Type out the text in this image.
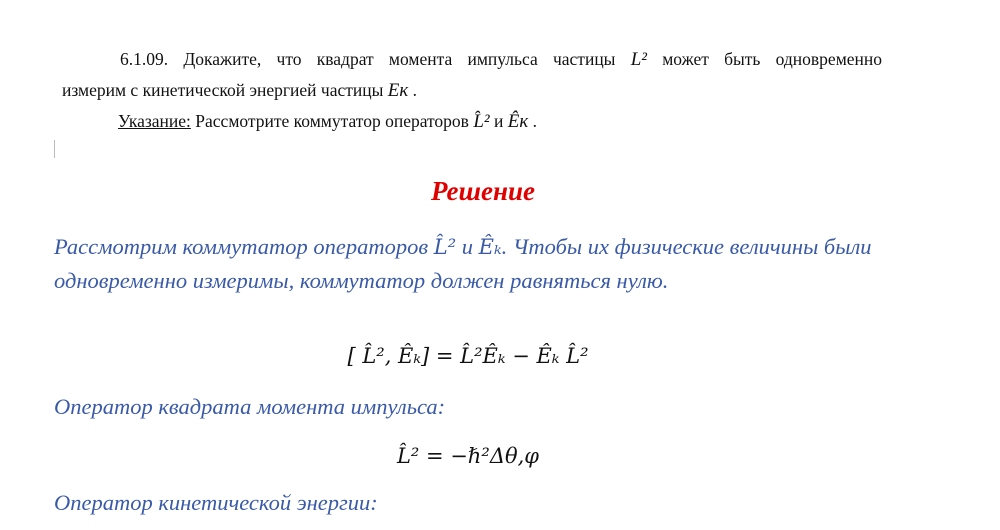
6.1.09. Докажите, что квадрат момента импульса частицы L² может быть одновременно

измерим с кинетической энергией частицы Eк .

Указание: Рассмотрите коммутатор операторов L̂² и Êк .
Решение

Рассмотрим коммутатор операторов L̂² и Êₖ. Чтобы их физические величины были одновременно измеримы, коммутатор должен равняться нулю.

[ L̂², Êₖ] = L̂²Êₖ − Êₖ L̂²
Оператор квадрата момента импульса:
L̂² = −ℏ²Δθ,φ
Оператор кинетической энергии:
